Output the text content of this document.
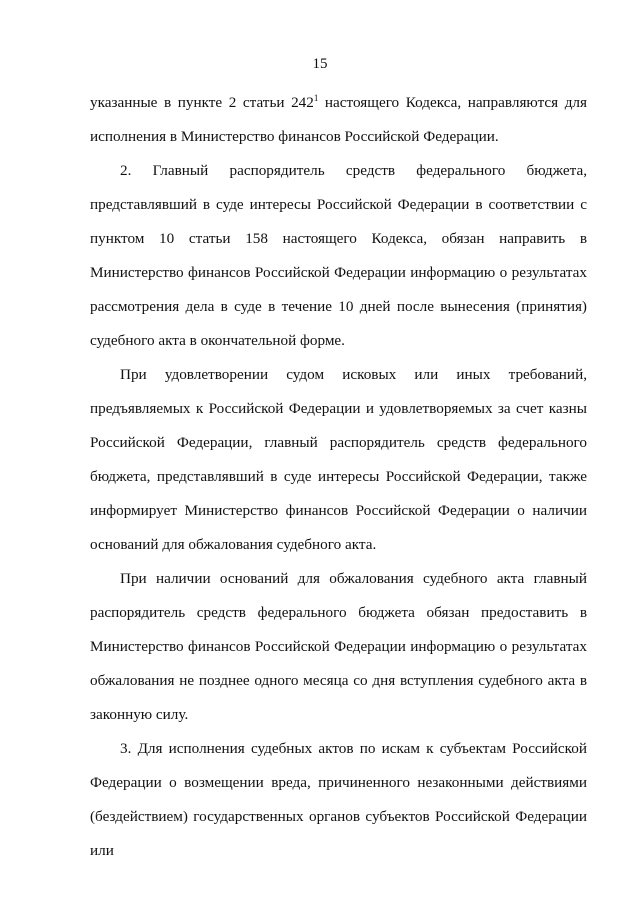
15

указанные в пункте 2 статьи $242^1$ настоящего Кодекса, направляются для исполнения в Министерство финансов Российской Федерации.

2. Главный распорядитель средств федерального бюджета, представлявший в суде интересы Российской Федерации в соответствии с пунктом 10 статьи 158 настоящего Кодекса, обязан направить в Министерство финансов Российской Федерации информацию о результатах рассмотрения дела в суде в течение 10 дней после вынесения (принятия) судебного акта в окончательной форме.

При удовлетворении судом исковых или иных требований, предъявляемых к Российской Федерации и удовлетворяемых за счет казны Российской Федерации, главный распорядитель средств федерального бюджета, представлявший в суде интересы Российской Федерации, также информирует Министерство финансов Российской Федерации о наличии оснований для обжалования судебного акта.

При наличии оснований для обжалования судебного акта главный распорядитель средств федерального бюджета обязан предоставить в Министерство финансов Российской Федерации информацию о результатах обжалования не позднее одного месяца со дня вступления судебного акта в законную силу.

3. Для исполнения судебных актов по искам к субъектам Российской Федерации о возмещении вреда, причиненного незаконными действиями (бездействием) государственных органов субъектов Российской Федерации или
